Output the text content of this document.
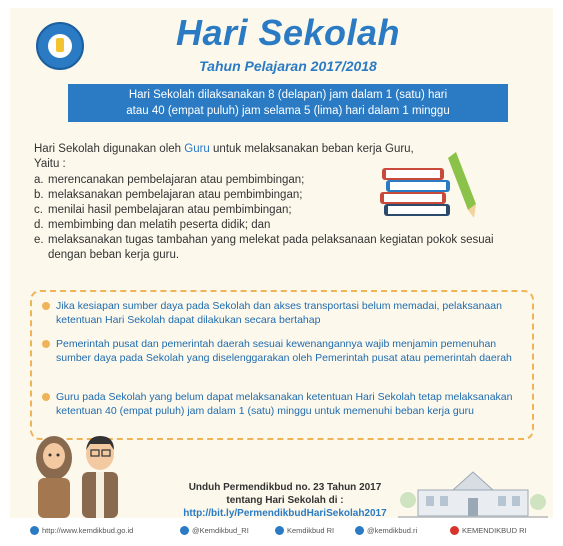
Hari Sekolah
Tahun Pelajaran 2017/2018
Hari Sekolah dilaksanakan 8 (delapan) jam dalam 1 (satu) hari
atau 40 (empat puluh) jam selama 5 (lima) hari dalam 1 minggu
Hari Sekolah digunakan oleh Guru untuk melaksanakan beban kerja Guru,
Yaitu :
a. merencanakan pembelajaran atau pembimbingan;
b. melaksanakan pembelajaran atau pembimbingan;
c. menilai hasil pembelajaran atau pembimbingan;
d. membimbing dan melatih peserta didik; dan
e. melaksanakan tugas tambahan yang melekat pada pelaksanaan kegiatan pokok sesuai dengan beban kerja guru.
Jika kesiapan sumber daya pada Sekolah dan akses transportasi belum memadai, pelaksanaan ketentuan Hari Sekolah dapat dilakukan secara bertahap
Pemerintah pusat dan pemerintah daerah sesuai kewenangannya wajib menjamin pemenuhan sumber daya pada Sekolah yang diselenggarakan oleh Pemerintah pusat atau pemerintah daerah
Guru pada Sekolah yang belum dapat melaksanakan ketentuan Hari Sekolah tetap melaksanakan ketentuan 40 (empat puluh) jam dalam 1 (satu) minggu untuk memenuhi beban kerja guru
Unduh Permendikbud no. 23 Tahun 2017
tentang Hari Sekolah di :
http://bit.ly/PermendikbudHariSekolah2017
http://www.kemdikbud.go.id	@Kemdikbud_RI	Kemdikbud RI	@kemdikbud.ri	KEMENDIKBUD RI
